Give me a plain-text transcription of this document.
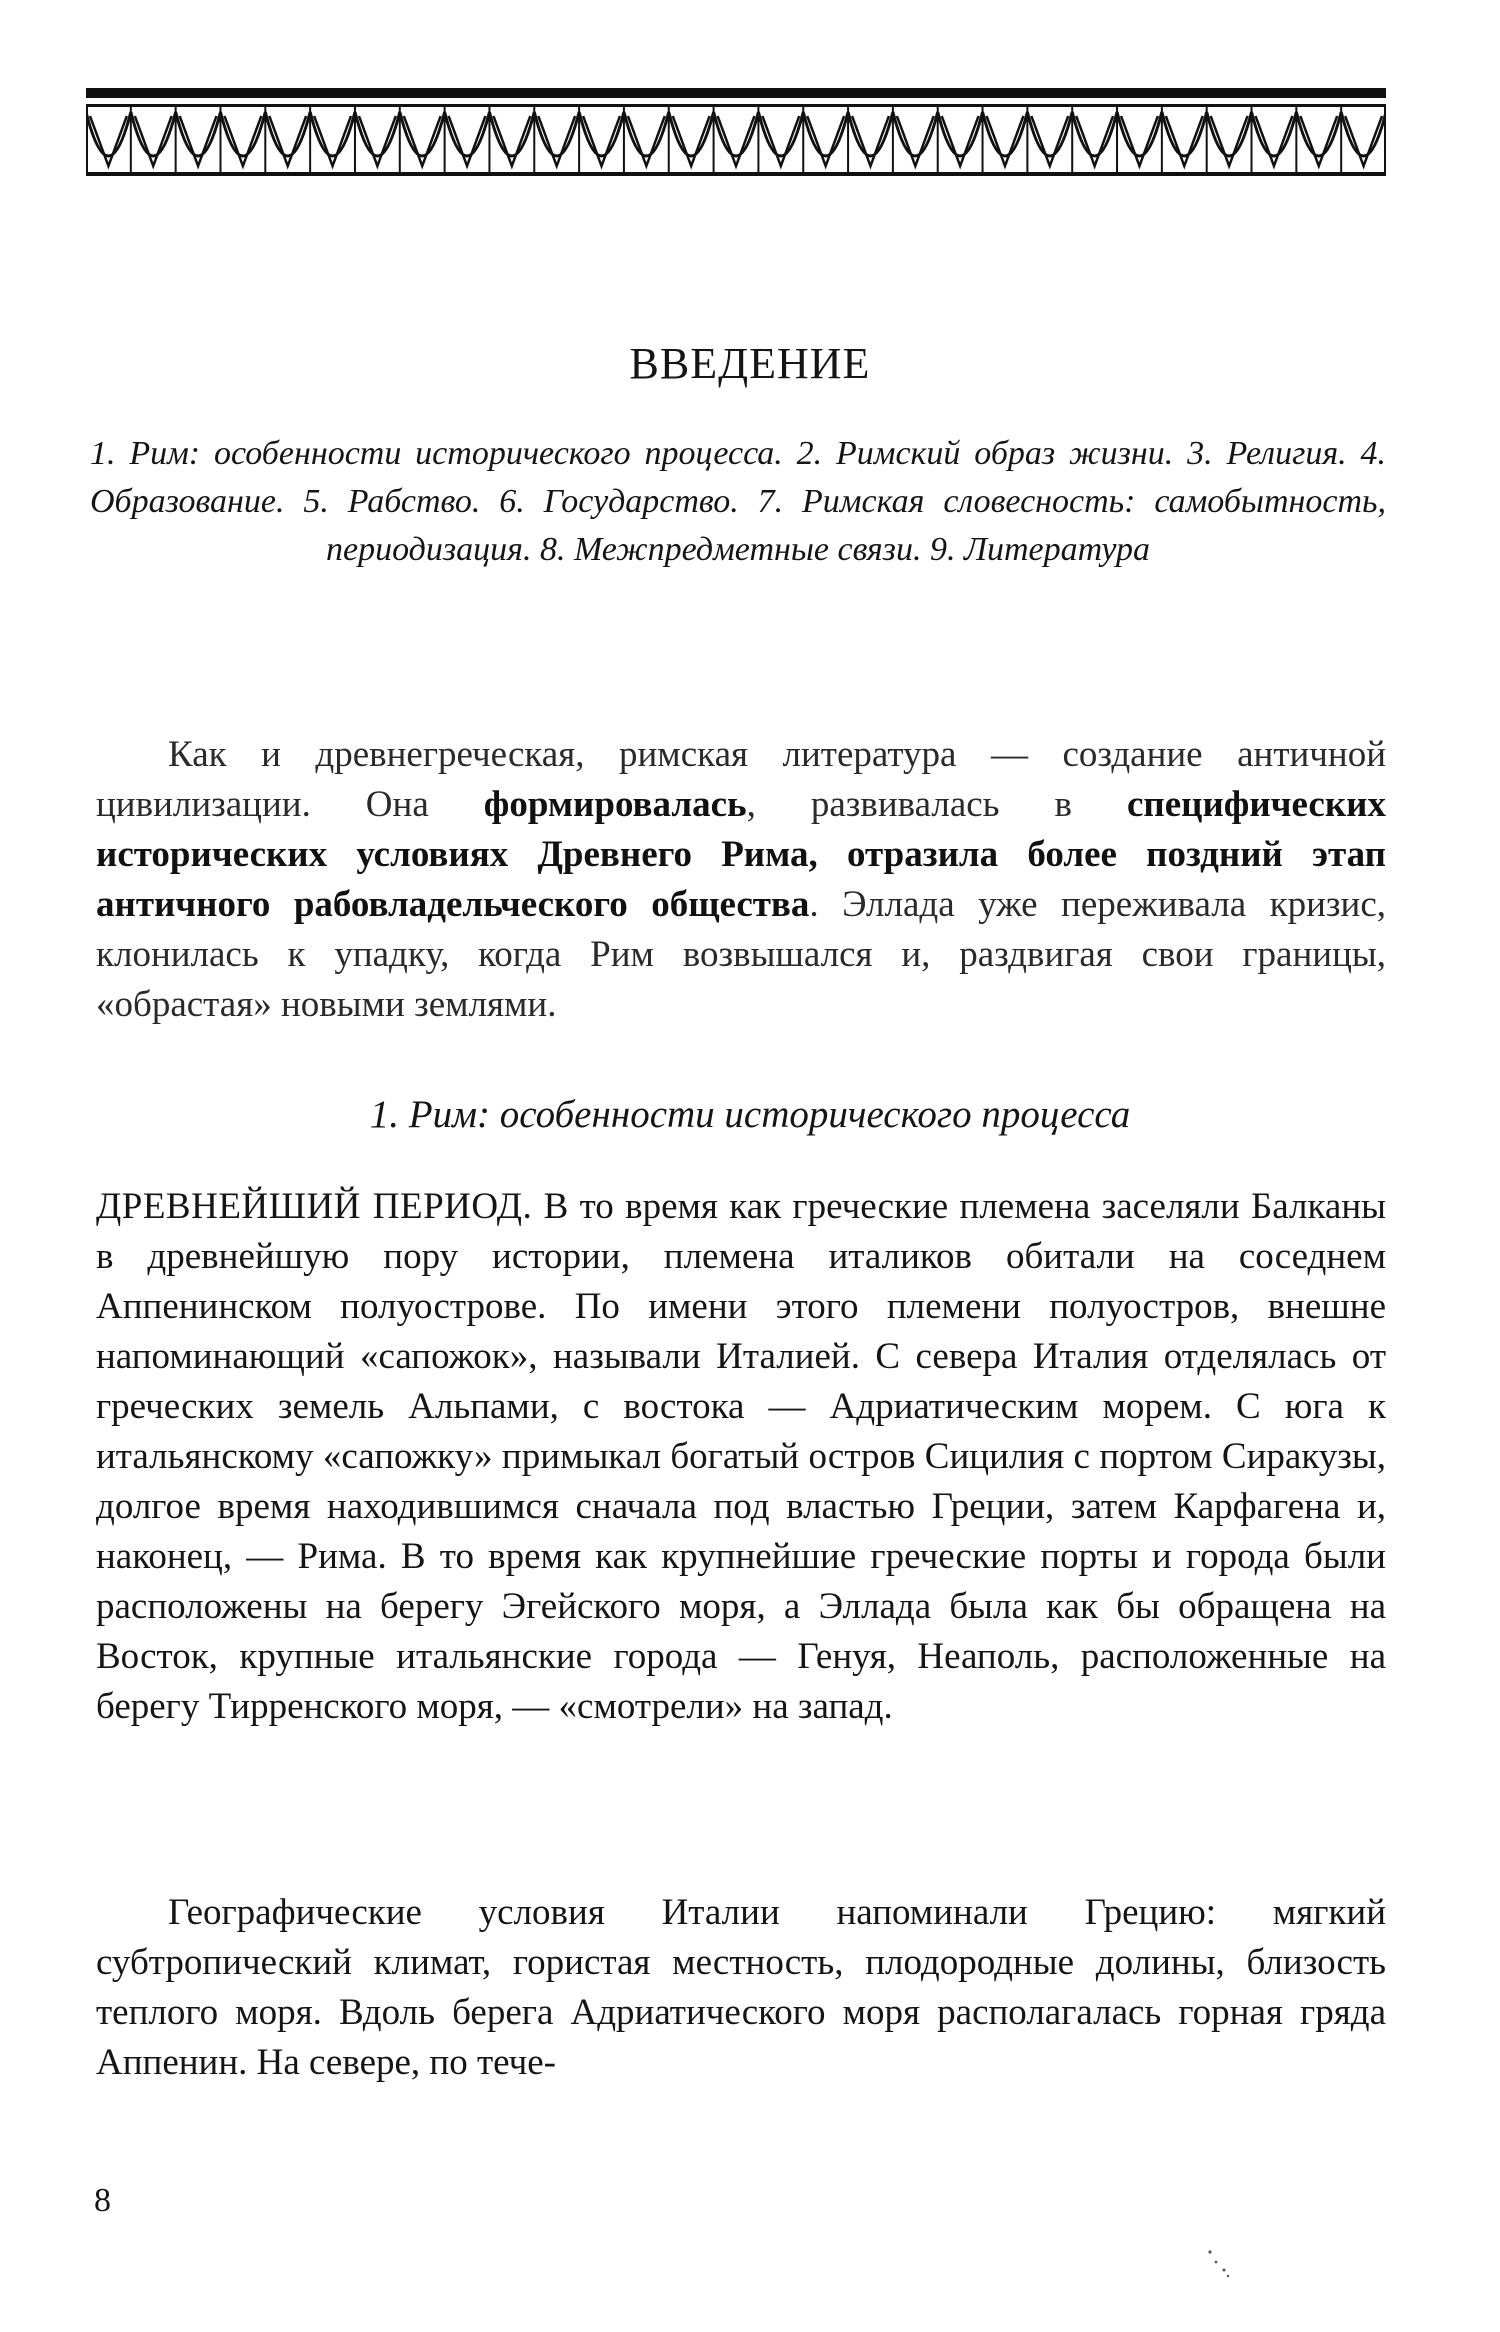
ВВЕДЕНИЕ
1. Рим: особенности исторического процесса. 2. Римский образ жизни. 3. Религия. 4. Образование. 5. Рабство. 6. Государство. 7. Римская словесность: самобытность, периодизация. 8. Межпредметные связи. 9. Литература
Как и древнегреческая, римская литература — создание античной цивилизации. Она формировалась, развивалась в специфических исторических условиях Древнего Рима, отразила более поздний этап античного рабовладельческого общества. Эллада уже переживала кризис, клонилась к упадку, когда Рим возвышался и, раздвигая свои границы, «обрастая» новыми землями.
1. Рим: особенности исторического процесса
ДРЕВНЕЙШИЙ ПЕРИОД. В то время как греческие племена заселяли Балканы в древнейшую пору истории, племена италиков обитали на соседнем Аппенинском полуострове. По имени этого племени полуостров, внешне напоминающий «сапожок», называли Италией. С севера Италия отделялась от греческих земель Альпами, с востока — Адриатическим морем. С юга к итальянскому «сапожку» примыкал богатый остров Сицилия с портом Сиракузы, долгое время находившимся сначала под властью Греции, затем Карфагена и, наконец, — Рима. В то время как крупнейшие греческие порты и города были расположены на берегу Эгейского моря, а Эллада была как бы обращена на Восток, крупные итальянские города — Генуя, Неаполь, расположенные на берегу Тирренского моря, — «смотрели» на запад.
Географические условия Италии напоминали Грецию: мягкий субтропический климат, гористая местность, плодородные долины, близость теплого моря. Вдоль берега Адриатического моря располагалась горная гряда Аппенин. На севере, по тече-
8
